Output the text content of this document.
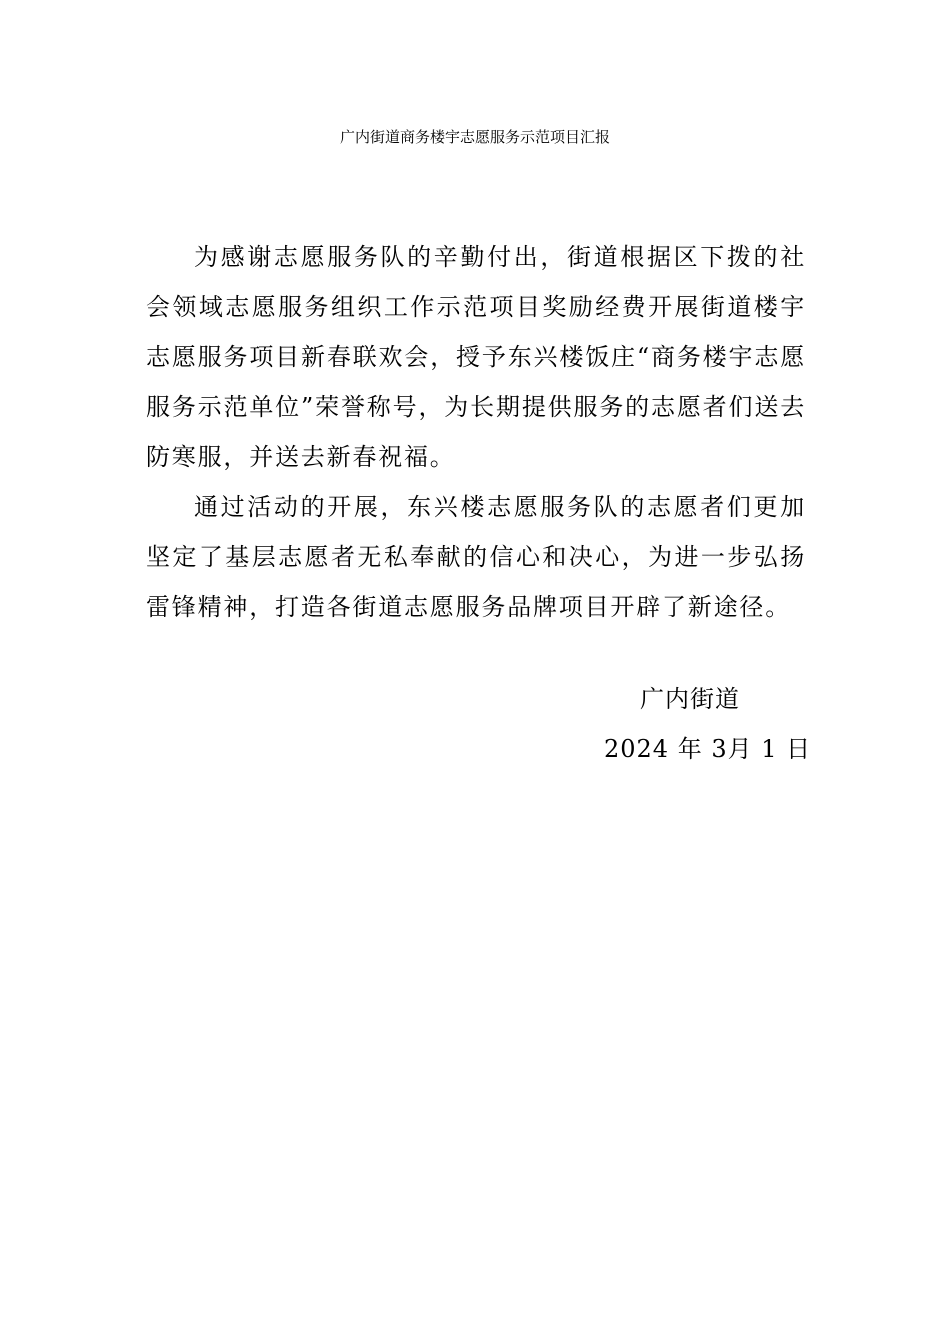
广内街道商务楼宇志愿服务示范项目汇报

为感谢志愿服务队的辛勤付出，街道根据区下拨的社会领域志愿服务组织工作示范项目奖励经费开展街道楼宇志愿服务项目新春联欢会，授予东兴楼饭庄“商务楼宇志愿服务示范单位”荣誉称号，为长期提供服务的志愿者们送去防寒服，并送去新春祝福。

通过活动的开展，东兴楼志愿服务队的志愿者们更加坚定了基层志愿者无私奉献的信心和决心，为进一步弘扬雷锋精神，打造各街道志愿服务品牌项目开辟了新途径。

广内街道
2024 年 3月 1 日
